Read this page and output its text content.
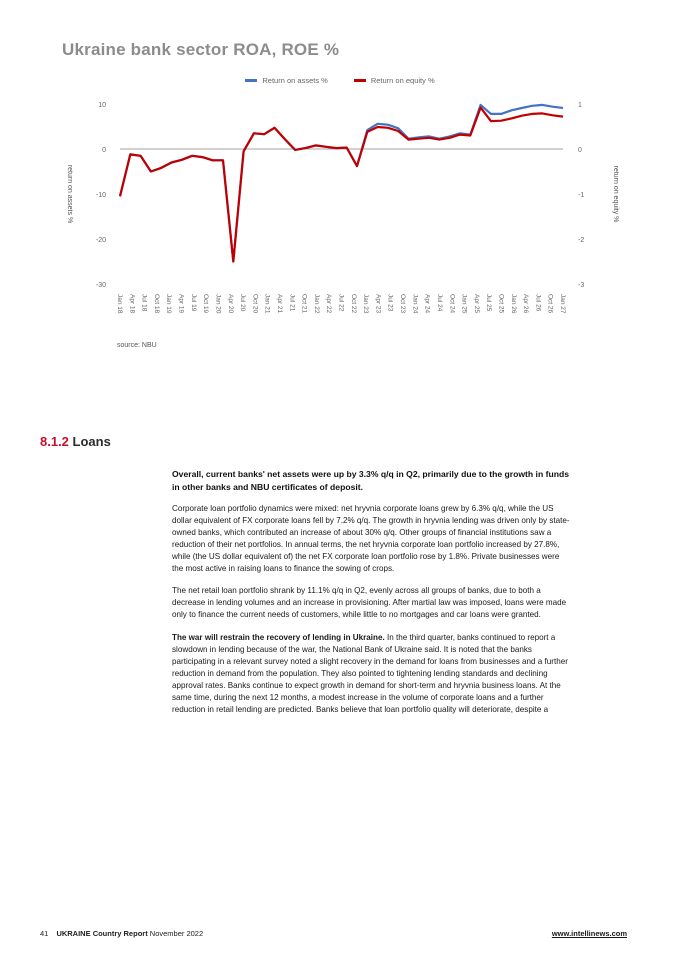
Ukraine bank sector ROA, ROE %
Return on assets %	Return on equity %
10
0
-10
-20
-30
1
0
-1
-2
-3
return on assets %	return on equity %
Jan 18 Apr 18 Jul 18 Oct 18 Jan 19 Apr 19 Jul 19 Oct 19 Jan 20 Apr 20 Jul 20 Oct 20 Jan 21 Apr 21 Jul 21 Oct 21 Jan 22 Apr 22 Jul 22 Oct 22 Jan 23 Apr 23 Jul 23 Oct 23 Jan 24 Apr 24 Jul 24 Oct 24 Jan 25 Apr 25 Jul 25 Oct 25 Jan 26 Apr 26 Jul 26 Oct 26 Jan 27
source: NBU
8.1.2 Loans

Overall, current banks' net assets were up by 3.3% q/q in Q2, primarily due to the growth in funds in other banks and NBU certificates of deposit.

Corporate loan portfolio dynamics were mixed: net hryvnia corporate loans grew by 6.3% q/q, while the US dollar equivalent of FX corporate loans fell by 7.2% q/q. The growth in hryvnia lending was driven only by state-owned banks, which contributed an increase of about 30% q/q. Other groups of financial institutions saw a reduction of their net portfolios. In annual terms, the net hryvnia corporate loan portfolio increased by 27.8%, while (the US dollar equivalent of) the net FX corporate loan portfolio rose by 1.8%. Private businesses were the most active in raising loans to finance the sowing of crops.

The net retail loan portfolio shrank by 11.1% q/q in Q2, evenly across all groups of banks, due to both a decrease in lending volumes and an increase in provisioning. After martial law was imposed, loans were made only to finance the current needs of customers, while little to no mortgages and car loans were granted.

The war will restrain the recovery of lending in Ukraine. In the third quarter, banks continued to report a slowdown in lending because of the war, the National Bank of Ukraine said. It is noted that the banks participating in a relevant survey noted a slight recovery in the demand for loans from businesses and a further reduction in demand from the population. They also pointed to tightening lending standards and declining approval rates. Banks continue to expect growth in demand for short-term and hryvnia business loans. At the same time, during the next 12 months, a modest increase in the volume of corporate loans and a further reduction in retail lending are predicted. Banks believe that loan portfolio quality will deteriorate, despite a

41 UKRAINE Country Report November 2022	www.intellinews.com
